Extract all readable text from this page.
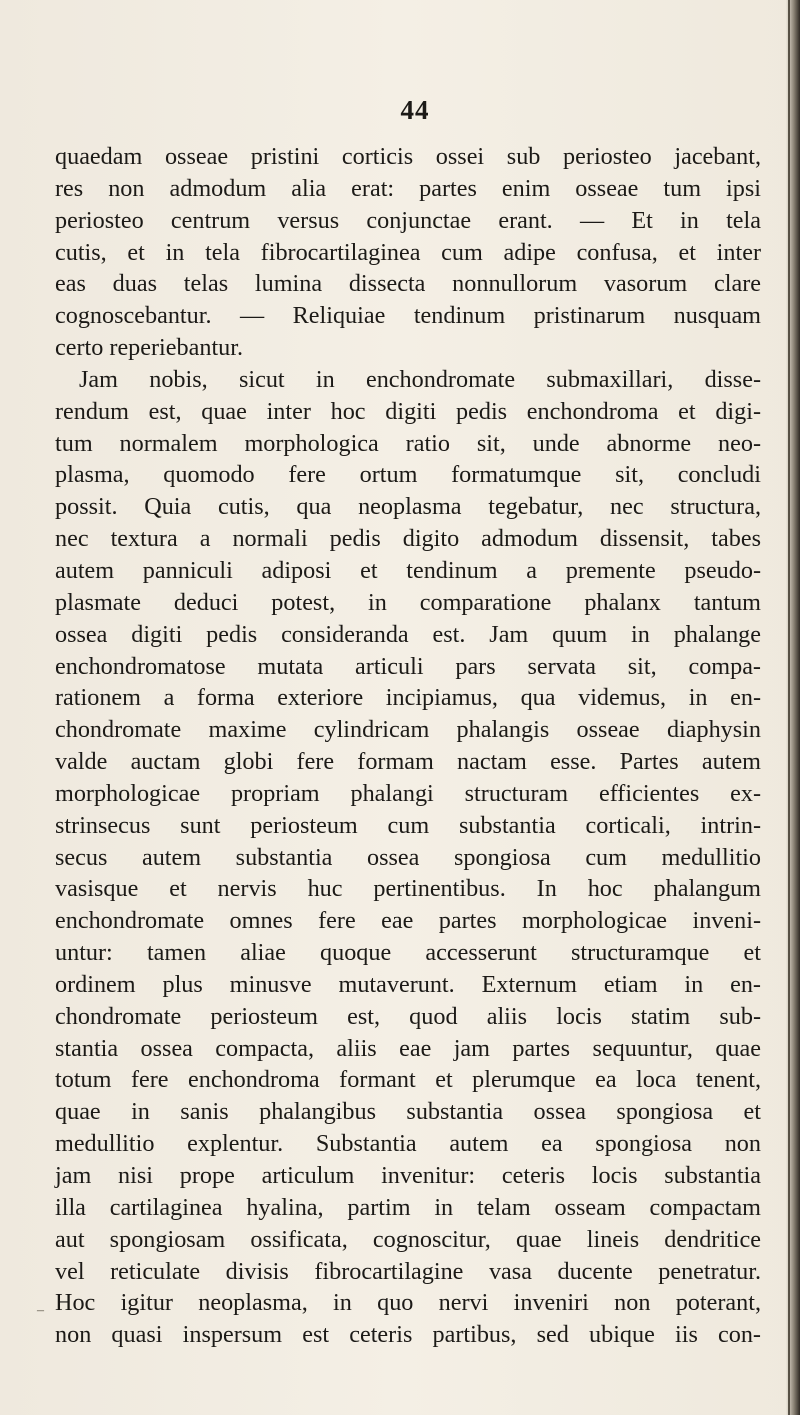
44
quaedam osseae pristini corticis ossei sub periosteo jacebant,
res non admodum alia erat: partes enim osseae tum ipsi
periosteo centrum versus conjunctae erant. — Et in tela
cutis, et in tela fibrocartilaginea cum adipe confusa, et inter
eas duas telas lumina dissecta nonnullorum vasorum clare
cognoscebantur. — Reliquiae tendinum pristinarum nusquam
certo reperiebantur.
Jam nobis, sicut in enchondromate submaxillari, disse-
rendum est, quae inter hoc digiti pedis enchondroma et digi-
tum normalem morphologica ratio sit, unde abnorme neo-
plasma, quomodo fere ortum formatumque sit, concludi
possit. Quia cutis, qua neoplasma tegebatur, nec structura,
nec textura a normali pedis digito admodum dissensit, tabes
autem panniculi adiposi et tendinum a premente pseudo-
plasmate deduci potest, in comparatione phalanx tantum
ossea digiti pedis consideranda est. Jam quum in phalange
enchondromatose mutata articuli pars servata sit, compa-
rationem a forma exteriore incipiamus, qua videmus, in en-
chondromate maxime cylindricam phalangis osseae diaphysin
valde auctam globi fere formam nactam esse. Partes autem
morphologicae propriam phalangi structuram efficientes ex-
strinsecus sunt periosteum cum substantia corticali, intrin-
secus autem substantia ossea spongiosa cum medullitio
vasisque et nervis huc pertinentibus. In hoc phalangum
enchondromate omnes fere eae partes morphologicae inveni-
untur: tamen aliae quoque accesserunt structuramque et
ordinem plus minusve mutaverunt. Externum etiam in en-
chondromate periosteum est, quod aliis locis statim sub-
stantia ossea compacta, aliis eae jam partes sequuntur, quae
totum fere enchondroma formant et plerumque ea loca tenent,
quae in sanis phalangibus substantia ossea spongiosa et
medullitio explentur. Substantia autem ea spongiosa non
jam nisi prope articulum invenitur: ceteris locis substantia
illa cartilaginea hyalina, partim in telam osseam compactam
aut spongiosam ossificata, cognoscitur, quae lineis dendritice
vel reticulate divisis fibrocartilagine vasa ducente penetratur.
Hoc igitur neoplasma, in quo nervi inveniri non poterant,
non quasi inspersum est ceteris partibus, sed ubique iis con-
–
